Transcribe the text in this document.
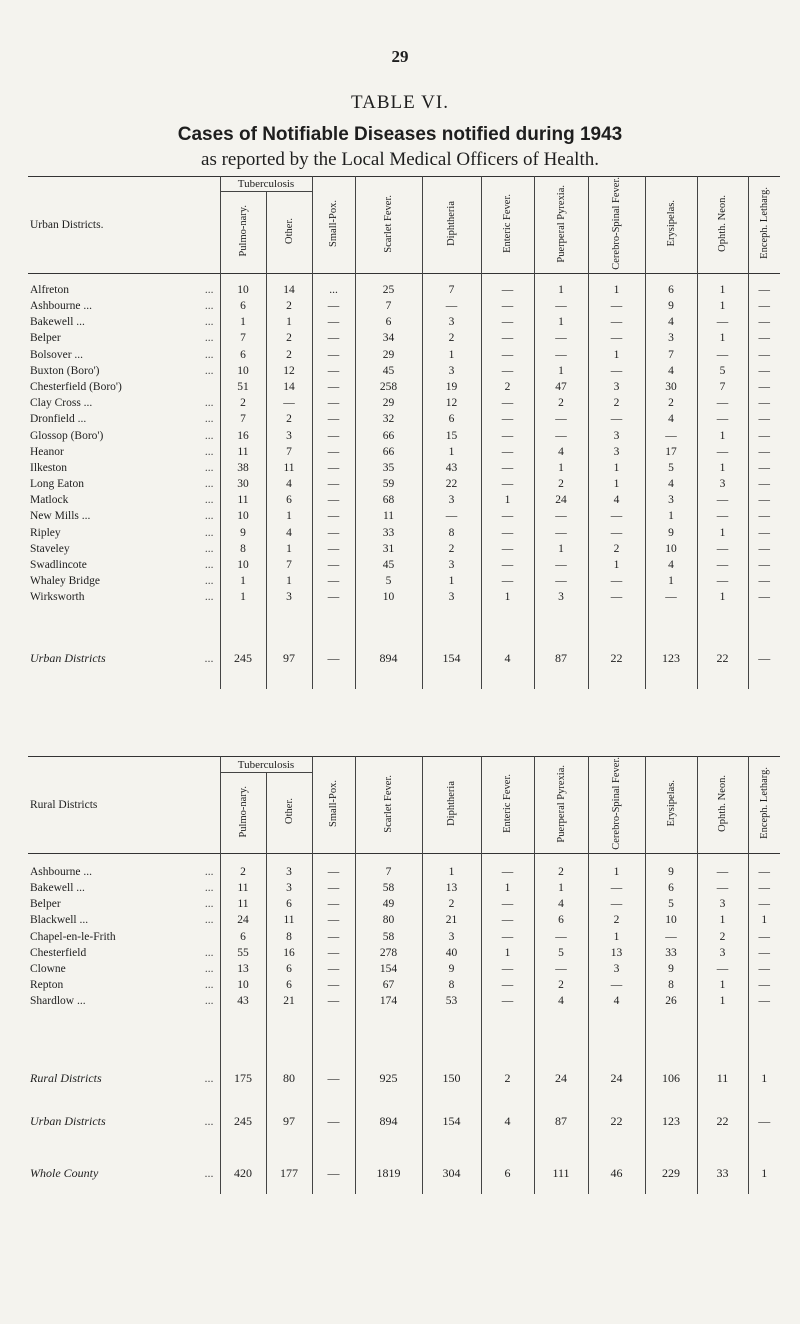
29
TABLE VI.
Cases of Notifiable Diseases notified during 1943
as reported by the Local Medical Officers of Health.
Urban Districts.	Tuberculosis		Small-Pox.	Scarlet Fever.	Diphtheria	Enteric Fever.	Puerperal Pyrexia.	Cerebro-Spinal Fever.	Erysipelas.	Ophth. Neon.	Enceph. Letharg.
	Pulmo-nary.	Other.									
Alfreton ...	10	14	...	25	7	—	1	1	6	1	—
Ashbourne ... ...	6	2	—	7	—	—	—	—	9	1	—
Bakewell ... ...	1	1	—	6	3	—	1	—	4	—	—
Belper ...	7	2	—	34	2	—	—	—	3	1	—
Bolsover ... ...	6	2	—	29	1	—	—	1	7	—	—
Buxton (Boro') ...	10	12	—	45	3	—	1	—	4	5	—
Chesterfield (Boro')	51	14	—	258	19	2	47	3	30	7	—
Clay Cross ... ...	2	—	—	29	12	—	2	2	2	—	—
Dronfield ... ...	7	2	—	32	6	—	—	—	4	—	—
Glossop (Boro') ...	16	3	—	66	15	—	—	3	—	1	—
Heanor ...	11	7	—	66	1	—	4	3	17	—	—
Ilkeston ...	38	11	—	35	43	—	1	1	5	1	—
Long Eaton ...	30	4	—	59	22	—	2	1	4	3	—
Matlock ...	11	6	—	68	3	1	24	4	3	—	—
New Mills ... ...	10	1	—	11	—	—	—	—	1	—	—
Ripley ...	9	4	—	33	8	—	—	—	9	1	—
Staveley ...	8	1	—	31	2	—	1	2	10	—	—
Swadlincote ...	10	7	—	45	3	—	—	1	4	—	—
Whaley Bridge ...	1	1	—	5	1	—	—	—	1	—	—
Wirksworth ...	1	3	—	10	3	1	3	—	—	1	—
Urban Districts ...	245	97	—	894	154	4	87	22	123	22	—
Rural Districts	Tuberculosis		Small-Pox.	Scarlet Fever.	Diphtheria	Enteric Fever.	Puerperal Pyrexia.	Cerebro-Spinal Fever.	Erysipelas.	Ophth. Neon.	Enceph. Letharg.
	Pulmo-nary.	Other.									
Ashbourne ... ...	2	3	—	7	1	—	2	1	9	—	—
Bakewell ... ...	11	3	—	58	13	1	1	—	6	—	—
Belper ...	11	6	—	49	2	—	4	—	5	3	—
Blackwell ... ...	24	11	—	80	21	—	6	2	10	1	1
Chapel-en-le-Frith	6	8	—	58	3	—	—	1	—	2	—
Chesterfield ...	55	16	—	278	40	1	5	13	33	3	—
Clowne ...	13	6	—	154	9	—	—	3	9	—	—
Repton ...	10	6	—	67	8	—	2	—	8	1	—
Shardlow ... ...	43	21	—	174	53	—	4	4	26	1	—
Rural Districts ...	175	80	—	925	150	2	24	24	106	11	1
Urban Districts ...	245	97	—	894	154	4	87	22	123	22	—
Whole County ...	420	177	—	1819	304	6	111	46	229	33	1
